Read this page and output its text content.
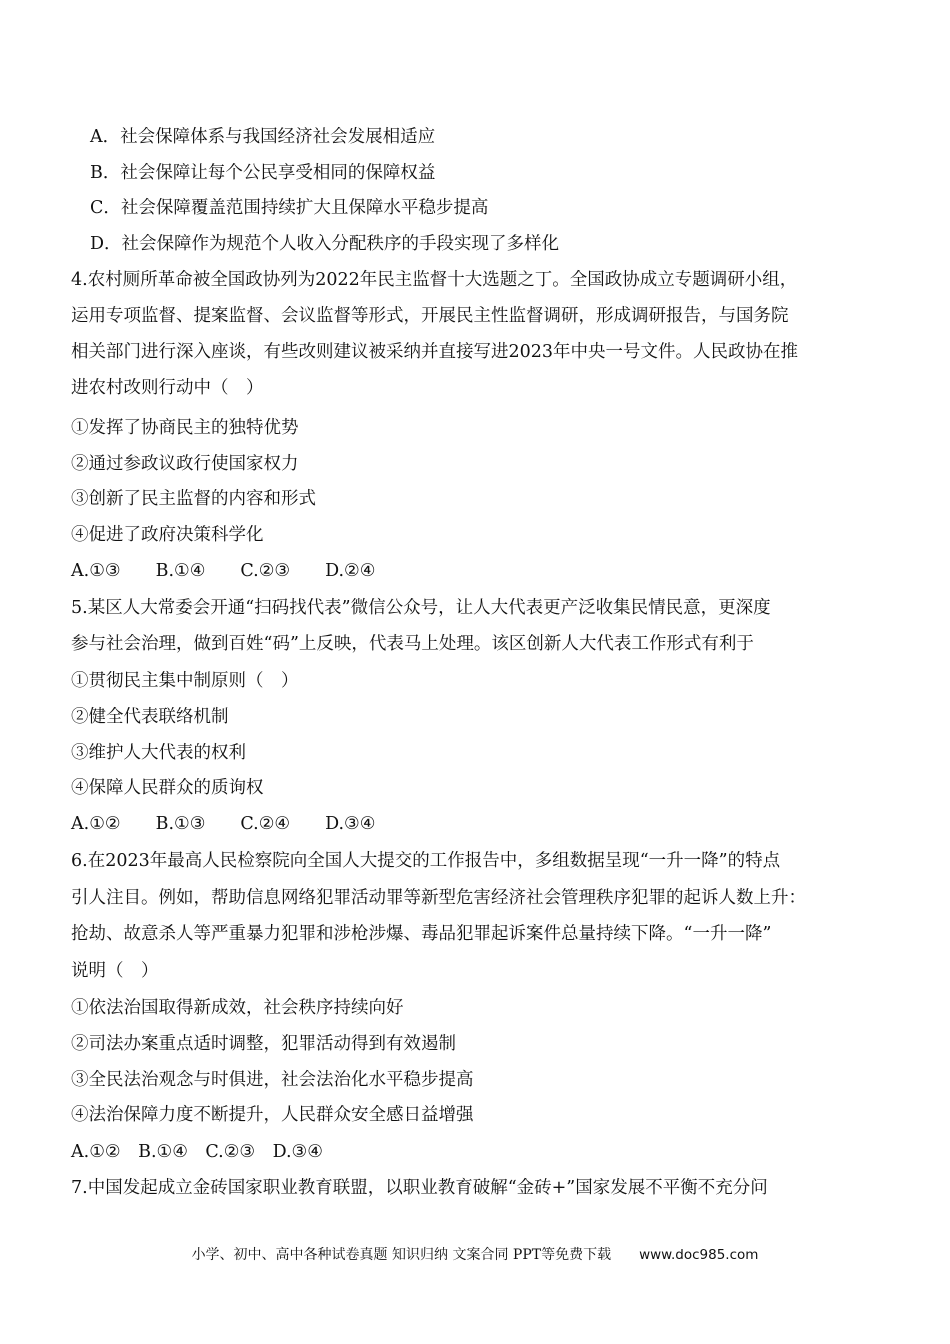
A．社会保障体系与我国经济社会发展相适应
B．社会保障让每个公民享受相同的保障权益
C．社会保障覆盖范围持续扩大且保障水平稳步提高
D．社会保障作为规范个人收入分配秩序的手段实现了多样化
4.农村厕所革命被全国政协列为2022年民主监督十大选题之丁。全国政协成立专题调研小组，
运用专项监督、提案监督、会议监督等形式，开展民主性监督调研，形成调研报告，与国务院
相关部门进行深入座谈，有些改则建议被采纳并直接写进2023年中央一号文件。人民政协在推
进农村改则行动中（　）
①发挥了协商民主的独特优势
②通过参政议政行使国家权力
③创新了民主监督的内容和形式
④促进了政府决策科学化
A.①③　　B.①④　　C.②③　　D.②④
5.某区人大常委会开通“扫码找代表”微信公众号，让人大代表更产泛收集民情民意，更深度
参与社会治理，做到百姓“码”上反映，代表马上处理。该区创新人大代表工作形式有利于
①贯彻民主集中制原则（　）
②健全代表联络机制
③维护人大代表的权利
④保障人民群众的质询权
A.①②　　B.①③　　C.②④　　D.③④
6.在2023年最高人民检察院向全国人大提交的工作报告中，多组数据呈现“一升一降”的特点
引人注目。例如，帮助信息网络犯罪活动罪等新型危害经济社会管理秩序犯罪的起诉人数上升：
抢劫、故意杀人等严重暴力犯罪和涉枪涉爆、毒品犯罪起诉案件总量持续下降。“一升一降”
说明（　）
①依法治国取得新成效，社会秩序持续向好
②司法办案重点适时调整，犯罪活动得到有效遏制
③全民法治观念与时俱进，社会法治化水平稳步提高
④法治保障力度不断提升，人民群众安全感日益增强
A.①②　B.①④　C.②③　D.③④
7.中国发起成立金砖国家职业教育联盟，以职业教育破解“金砖+”国家发展不平衡不充分问
小学、初中、高中各种试卷真题 知识归纳 文案合同 PPT等免费下载 www.doc985.com
